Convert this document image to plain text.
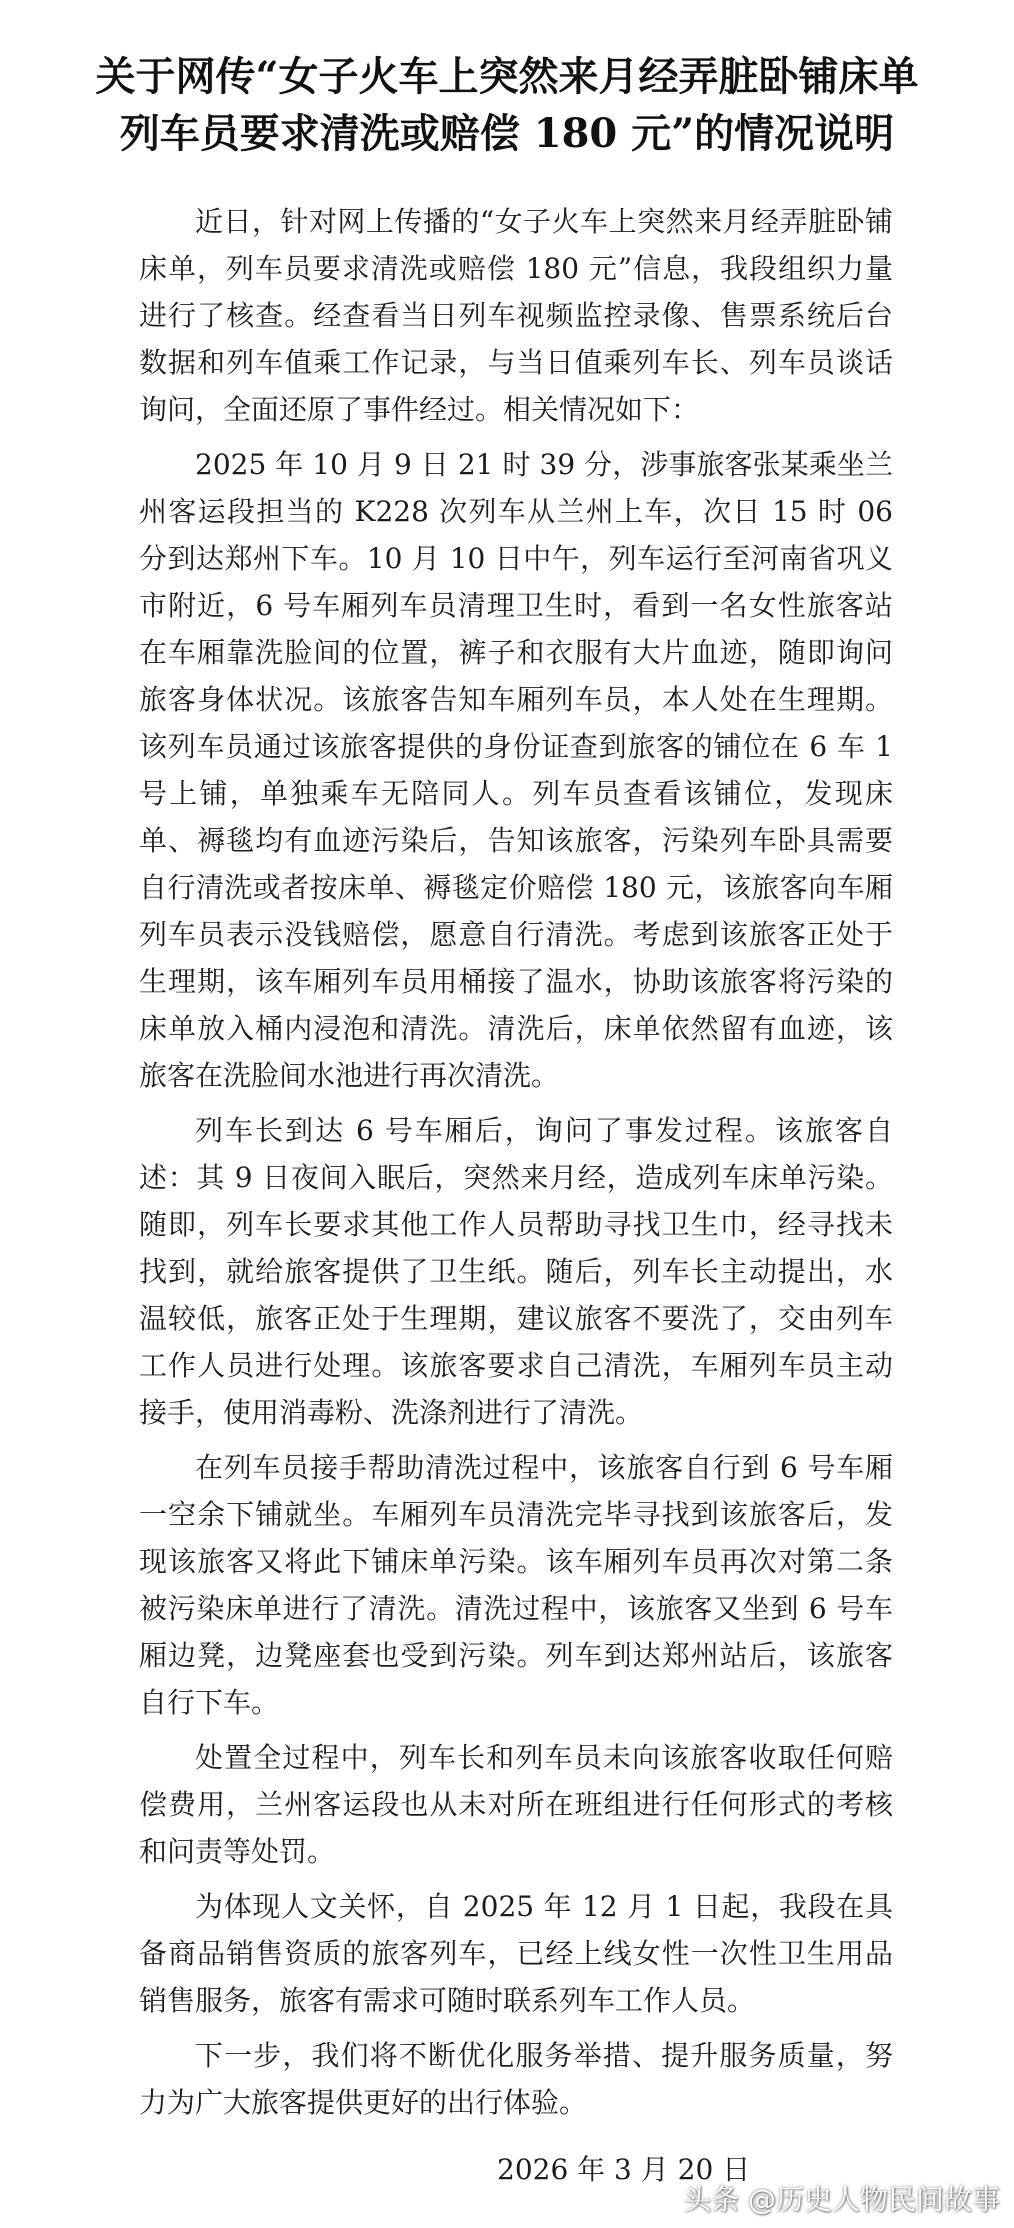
关于网传“女子火车上突然来月经弄脏卧铺床单
列车员要求清洗或赔偿 180 元”的情况说明

近日，针对网上传播的“女子火车上突然来月经弄脏卧铺床单，列车员要求清洗或赔偿 180 元”信息，我段组织力量进行了核查。经查看当日列车视频监控录像、售票系统后台数据和列车值乘工作记录，与当日值乘列车长、列车员谈话询问，全面还原了事件经过。相关情况如下：

2025 年 10 月 9 日 21 时 39 分，涉事旅客张某乘坐兰州客运段担当的 K228 次列车从兰州上车，次日 15 时 06 分到达郑州下车。10 月 10 日中午，列车运行至河南省巩义市附近，6 号车厢列车员清理卫生时，看到一名女性旅客站在车厢靠洗脸间的位置，裤子和衣服有大片血迹，随即询问旅客身体状况。该旅客告知车厢列车员，本人处在生理期。该列车员通过该旅客提供的身份证查到旅客的铺位在 6 车 1 号上铺，单独乘车无陪同人。列车员查看该铺位，发现床单、褥毯均有血迹污染后，告知该旅客，污染列车卧具需要自行清洗或者按床单、褥毯定价赔偿 180 元，该旅客向车厢列车员表示没钱赔偿，愿意自行清洗。考虑到该旅客正处于生理期，该车厢列车员用桶接了温水，协助该旅客将污染的床单放入桶内浸泡和清洗。清洗后，床单依然留有血迹，该旅客在洗脸间水池进行再次清洗。

列车长到达 6 号车厢后，询问了事发过程。该旅客自述：其 9 日夜间入眠后，突然来月经，造成列车床单污染。随即，列车长要求其他工作人员帮助寻找卫生巾，经寻找未找到，就给旅客提供了卫生纸。随后，列车长主动提出，水温较低，旅客正处于生理期，建议旅客不要洗了，交由列车工作人员进行处理。该旅客要求自己清洗，车厢列车员主动接手，使用消毒粉、洗涤剂进行了清洗。

在列车员接手帮助清洗过程中，该旅客自行到 6 号车厢一空余下铺就坐。车厢列车员清洗完毕寻找到该旅客后，发现该旅客又将此下铺床单污染。该车厢列车员再次对第二条被污染床单进行了清洗。清洗过程中，该旅客又坐到 6 号车厢边凳，边凳座套也受到污染。列车到达郑州站后，该旅客自行下车。

处置全过程中，列车长和列车员未向该旅客收取任何赔偿费用，兰州客运段也从未对所在班组进行任何形式的考核和问责等处罚。

为体现人文关怀，自 2025 年 12 月 1 日起，我段在具备商品销售资质的旅客列车，已经上线女性一次性卫生用品销售服务，旅客有需求可随时联系列车工作人员。

下一步，我们将不断优化服务举措、提升服务质量，努力为广大旅客提供更好的出行体验。

2026 年 3 月 20 日
头条 @历史人物民间故事
